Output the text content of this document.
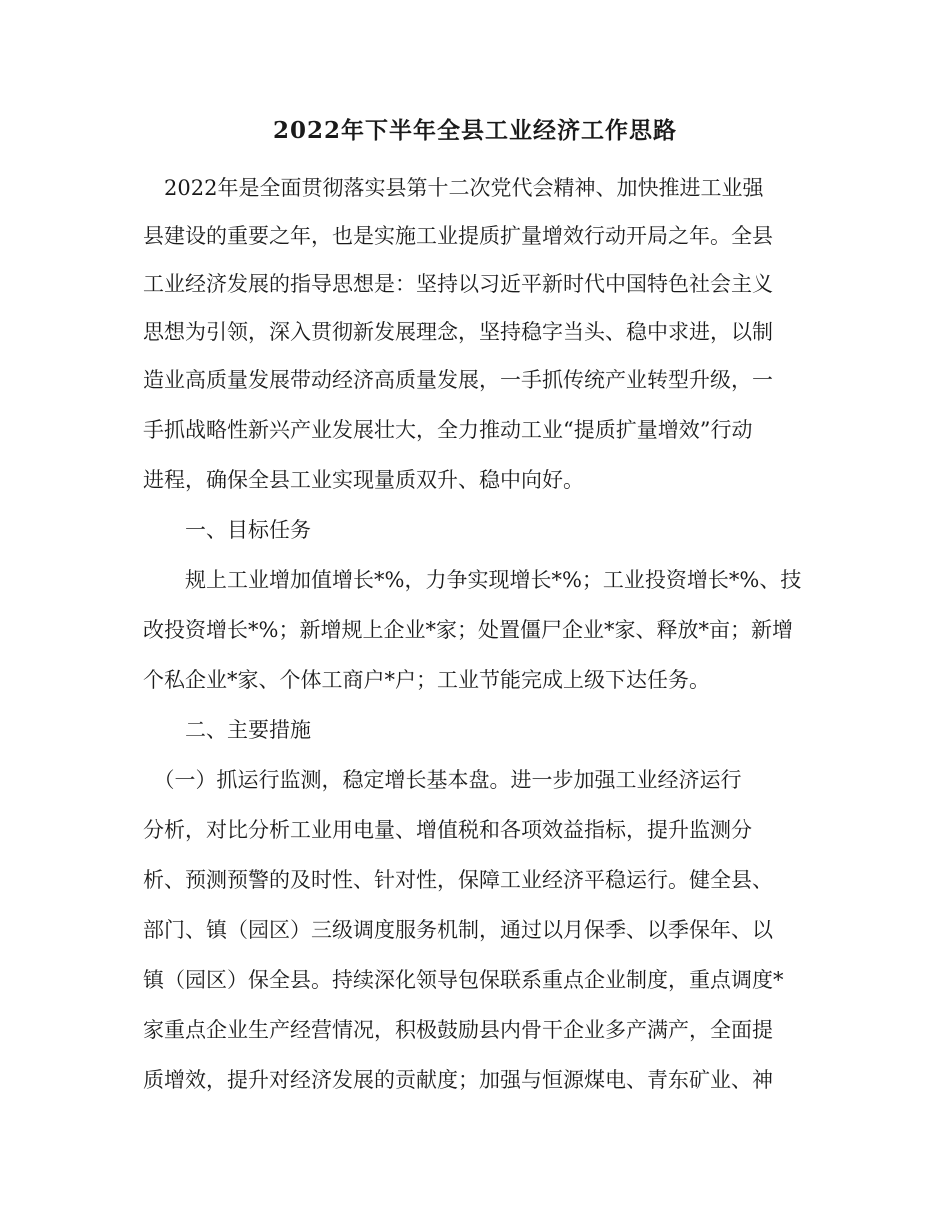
2022年下半年全县工业经济工作思路

　2022年是全面贯彻落实县第十二次党代会精神、加快推进工业强

县建设的重要之年，也是实施工业提质扩量增效行动开局之年。全县

工业经济发展的指导思想是：坚持以习近平新时代中国特色社会主义

思想为引领，深入贯彻新发展理念，坚持稳字当头、稳中求进，以制

造业高质量发展带动经济高质量发展，一手抓传统产业转型升级，一

手抓战略性新兴产业发展壮大，全力推动工业“提质扩量增效”行动

进程，确保全县工业实现量质双升、稳中向好。

　　一、目标任务

　　规上工业增加值增长*%，力争实现增长*%；工业投资增长*%、技

改投资增长*%；新增规上企业*家；处置僵尸企业*家、释放*亩；新增

个私企业*家、个体工商户*户；工业节能完成上级下达任务。

　　二、主要措施

　（一）抓运行监测，稳定增长基本盘。进一步加强工业经济运行

分析，对比分析工业用电量、增值税和各项效益指标，提升监测分

析、预测预警的及时性、针对性，保障工业经济平稳运行。健全县、

部门、镇（园区）三级调度服务机制，通过以月保季、以季保年、以

镇（园区）保全县。持续深化领导包保联系重点企业制度，重点调度*

家重点企业生产经营情况，积极鼓励县内骨干企业多产满产，全面提

质增效，提升对经济发展的贡献度；加强与恒源煤电、青东矿业、神
